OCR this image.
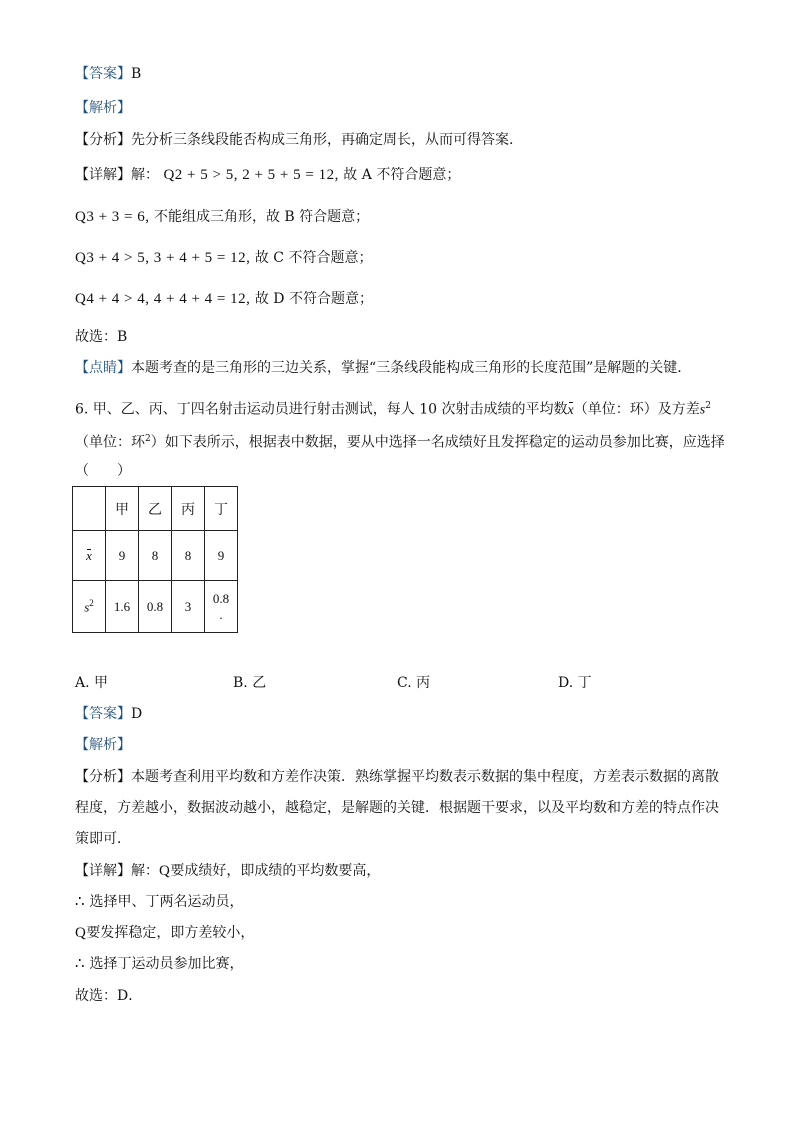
【答案】B
【解析】
【分析】先分析三条线段能否构成三角形，再确定周长，从而可得答案.
【详解】解： Q2 + 5 > 5, 2 + 5 + 5 = 12, 故 A 不符合题意；
Q3 + 3 = 6, 不能组成三角形，故 B 符合题意；
Q3 + 4 > 5, 3 + 4 + 5 = 12, 故 C 不符合题意；
Q4 + 4 > 4, 4 + 4 + 4 = 12, 故 D 不符合题意；
故选：B
【点睛】本题考查的是三角形的三边关系，掌握“三条线段能构成三角形的长度范围”是解题的关键.
6. 甲、乙、丙、丁四名射击运动员进行射击测试，每人 10 次射击成绩的平均数x（单位：环）及方差$s^2$
（单位：环$^2$）如下表所示，根据表中数据，要从中选择一名成绩好且发挥稳定的运动员参加比赛，应选择
（　　）
	甲	乙	丙	丁
x	9	8	8	9
$s^2$	1.6	0.8	3	0.8
.
A. 甲	B. 乙	C. 丙	D. 丁
【答案】D
【解析】
【分析】本题考查利用平均数和方差作决策．熟练掌握平均数表示数据的集中程度，方差表示数据的离散
程度，方差越小，数据波动越小，越稳定，是解题的关键．根据题干要求，以及平均数和方差的特点作决
策即可．
【详解】解：Q要成绩好，即成绩的平均数要高，
∴ 选择甲、丁两名运动员，
Q要发挥稳定，即方差较小，
∴ 选择丁运动员参加比赛，
故选：D．
